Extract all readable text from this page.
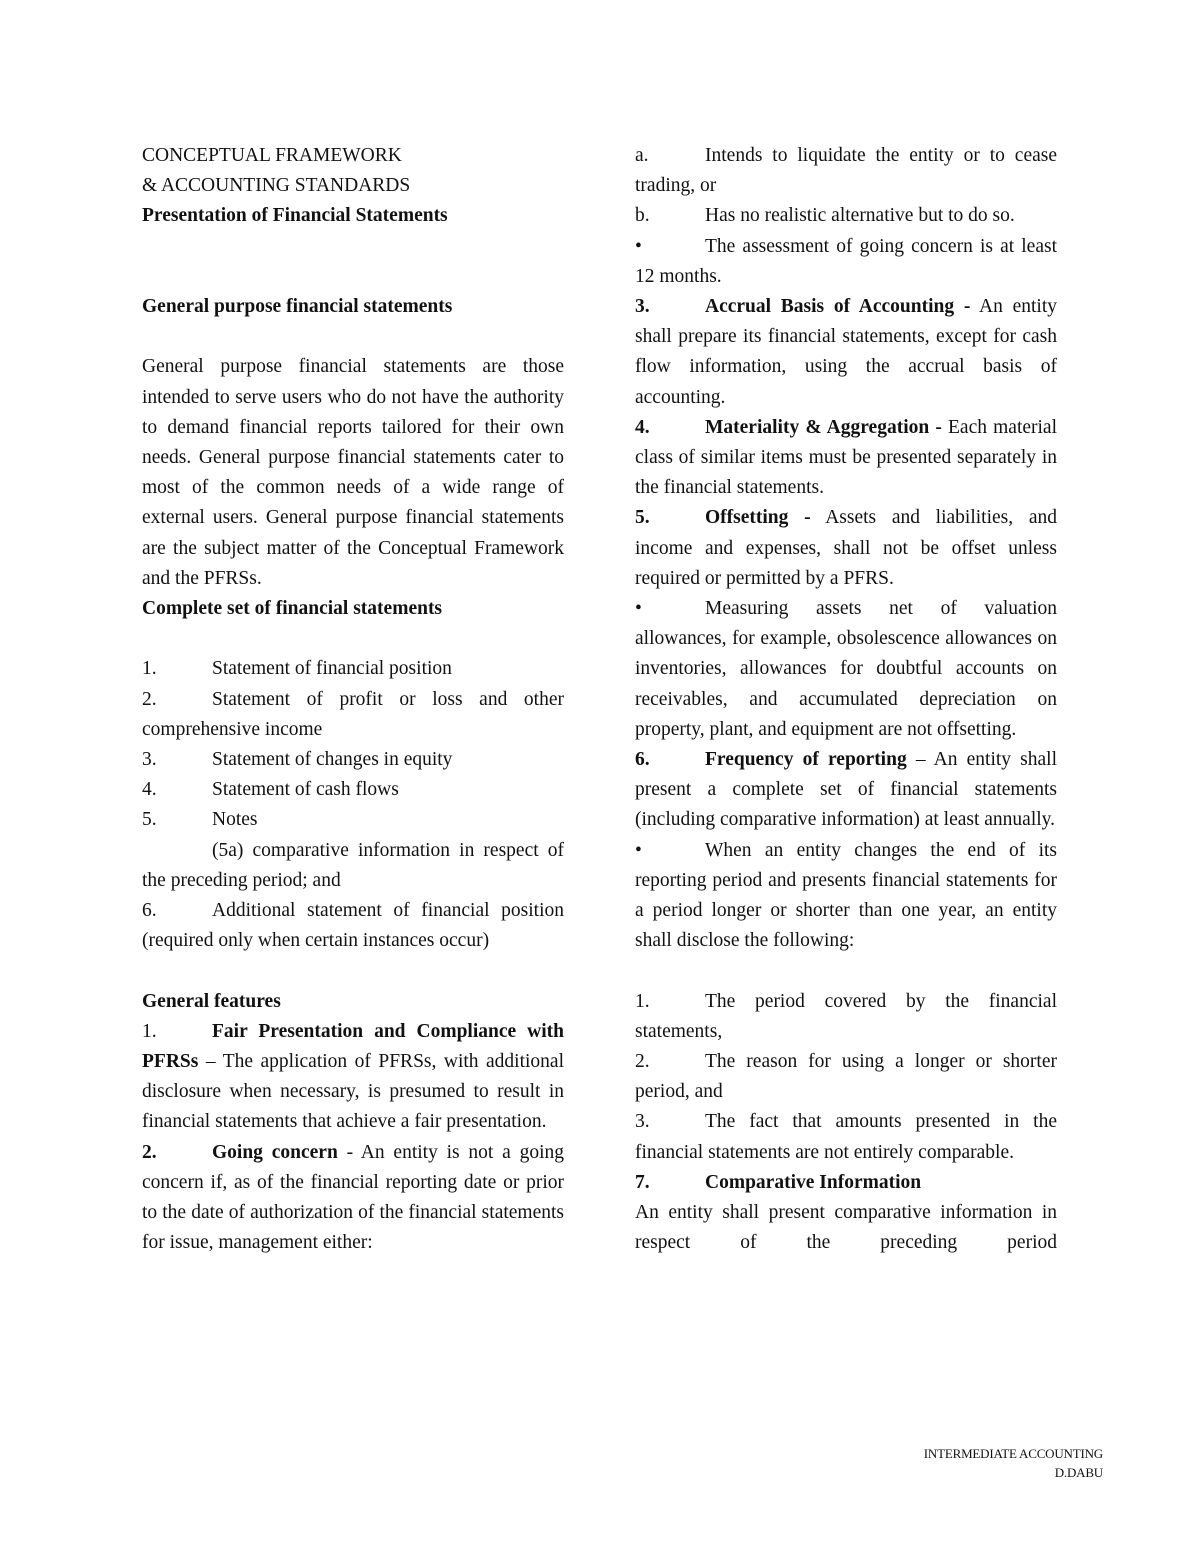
CONCEPTUAL FRAMEWORK
& ACCOUNTING STANDARDS
Presentation of Financial Statements
General purpose financial statements
General purpose financial statements are those intended to serve users who do not have the authority to demand financial reports tailored for their own needs. General purpose financial statements cater to most of the common needs of a wide range of external users. General purpose financial statements are the subject matter of the Conceptual Framework and the PFRSs.
Complete set of financial statements
1.	Statement of financial position
2.	Statement of profit or loss and other comprehensive income
3.	Statement of changes in equity
4.	Statement of cash flows
5.	Notes
(5a) comparative information in respect of the preceding period; and
6.	Additional statement of financial position (required only when certain instances occur)
General features
1.	Fair Presentation and Compliance with PFRSs – The application of PFRSs, with additional disclosure when necessary, is presumed to result in financial statements that achieve a fair presentation.
2.	Going concern - An entity is not a going concern if, as of the financial reporting date or prior to the date of authorization of the financial statements for issue, management either:
a.	Intends to liquidate the entity or to cease trading, or
b.	Has no realistic alternative but to do so.
•	The assessment of going concern is at least 12 months.
3.	Accrual Basis of Accounting - An entity shall prepare its financial statements, except for cash flow information, using the accrual basis of accounting.
4.	Materiality & Aggregation - Each material class of similar items must be presented separately in the financial statements.
5.	Offsetting - Assets and liabilities, and income and expenses, shall not be offset unless required or permitted by a PFRS.
•	Measuring assets net of valuation allowances, for example, obsolescence allowances on inventories, allowances for doubtful accounts on receivables, and accumulated depreciation on property, plant, and equipment are not offsetting.
6.	Frequency of reporting – An entity shall present a complete set of financial statements (including comparative information) at least annually.
•	When an entity changes the end of its reporting period and presents financial statements for a period longer or shorter than one year, an entity shall disclose the following:
1.	The period covered by the financial statements,
2.	The reason for using a longer or shorter period, and
3.	The fact that amounts presented in the financial statements are not entirely comparable.
7.	Comparative Information
An entity shall present comparative information in respect of the preceding period
INTERMEDIATE ACCOUNTING
D.DABU
